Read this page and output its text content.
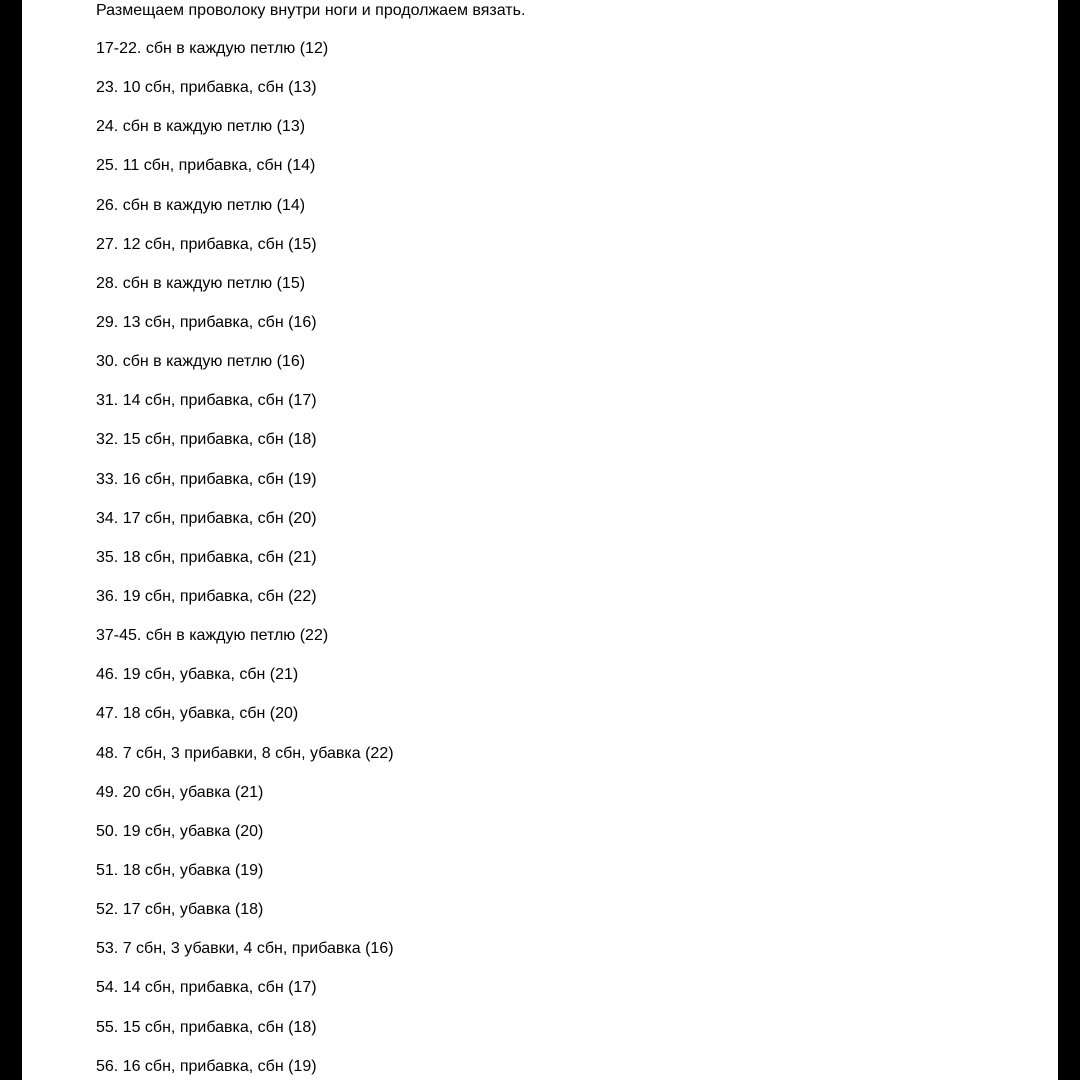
Размещаем проволоку внутри ноги и продолжаем вязать.
17-22. сбн в каждую петлю (12)
23. 10 сбн, прибавка, сбн (13)
24. сбн в каждую петлю (13)
25. 11 сбн, прибавка, сбн (14)
26. сбн в каждую петлю (14)
27. 12 сбн, прибавка, сбн (15)
28. сбн в каждую петлю (15)
29. 13 сбн, прибавка, сбн (16)
30. сбн в каждую петлю (16)
31. 14 сбн, прибавка, сбн (17)
32. 15 сбн, прибавка, сбн (18)
33. 16 сбн, прибавка, сбн (19)
34. 17 сбн, прибавка, сбн (20)
35. 18 сбн, прибавка, сбн (21)
36. 19 сбн, прибавка, сбн (22)
37-45. сбн в каждую петлю (22)
46. 19 сбн, убавка, сбн (21)
47. 18 сбн, убавка, сбн (20)
48. 7 сбн, 3 прибавки, 8 сбн, убавка (22)
49. 20 сбн, убавка (21)
50. 19 сбн, убавка (20)
51. 18 сбн, убавка (19)
52. 17 сбн, убавка (18)
53. 7 сбн, 3 убавки, 4 сбн, прибавка (16)
54. 14 сбн, прибавка, сбн (17)
55. 15 сбн, прибавка, сбн (18)
56. 16 сбн, прибавка, сбн (19)
